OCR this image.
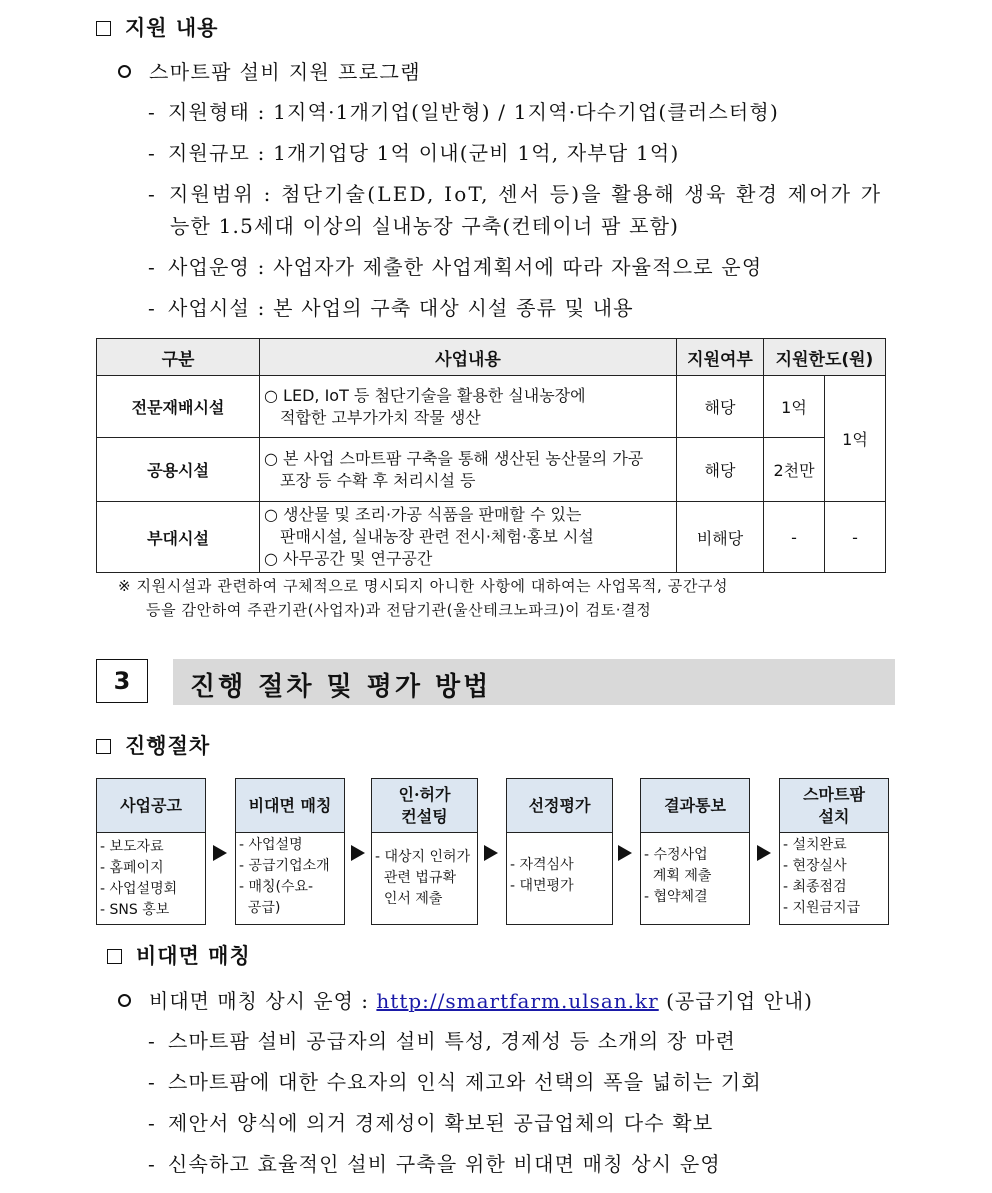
지원 내용
스마트팜 설비 지원 프로그램
- 지원형태 : 1지역·1개기업(일반형) / 1지역·다수기업(클러스터형)
- 지원규모 : 1개기업당 1억 이내(군비 1억, 자부담 1억)
- 지원범위 : 첨단기술(LED, IoT, 센서 등)을 활용해 생육 환경 제어가 가
능한 1.5세대 이상의 실내농장 구축(컨테이너 팜 포함)
- 사업운영 : 사업자가 제출한 사업계획서에 따라 자율적으로 운영
- 사업시설 : 본 사업의 구축 대상 시설 종류 및 내용
구분	사업내용	지원여부	지원한도(원)	
전문재배시설	○ LED, IoT 등 첨단기술을 활용한 실내농장에
적합한 고부가가치 작물 생산	해당	1억	1억
공용시설	○ 본 사업 스마트팜 구축을 통해 생산된 농산물의 가공
포장 등 수확 후 처리시설 등	해당	2천만	
부대시설	○ 생산물 및 조리·가공 식품을 판매할 수 있는
판매시설, 실내농장 관련 전시·체험·홍보 시설
○ 사무공간 및 연구공간	비해당	-	-
※ 지원시설과 관련하여 구체적으로 명시되지 아니한 사항에 대하여는 사업목적, 공간구성
등을 감안하여 주관기관(사업자)과 전담기관(울산테크노파크)이 검토·결정
3	진행 절차 및 평가 방법
진행절차
사업공고
- 보도자료
- 홈페이지
- 사업설명회
- SNS 홍보
비대면 매칭
- 사업설명
- 공급기업소개
- 매칭(수요-
공급)
인·허가
컨설팅
- 대상지 인허가
관련 법규확
인서 제출
선정평가
- 자격심사
- 대면평가
결과통보
- 수정사업
계획 제출
- 협약체결
스마트팜
설치
- 설치완료
- 현장실사
- 최종점검
- 지원금지급
비대면 매칭
비대면 매칭 상시 운영 : http://smartfarm.ulsan.kr (공급기업 안내)
- 스마트팜 설비 공급자의 설비 특성, 경제성 등 소개의 장 마련
- 스마트팜에 대한 수요자의 인식 제고와 선택의 폭을 넓히는 기회
- 제안서 양식에 의거 경제성이 확보된 공급업체의 다수 확보
- 신속하고 효율적인 설비 구축을 위한 비대면 매칭 상시 운영
